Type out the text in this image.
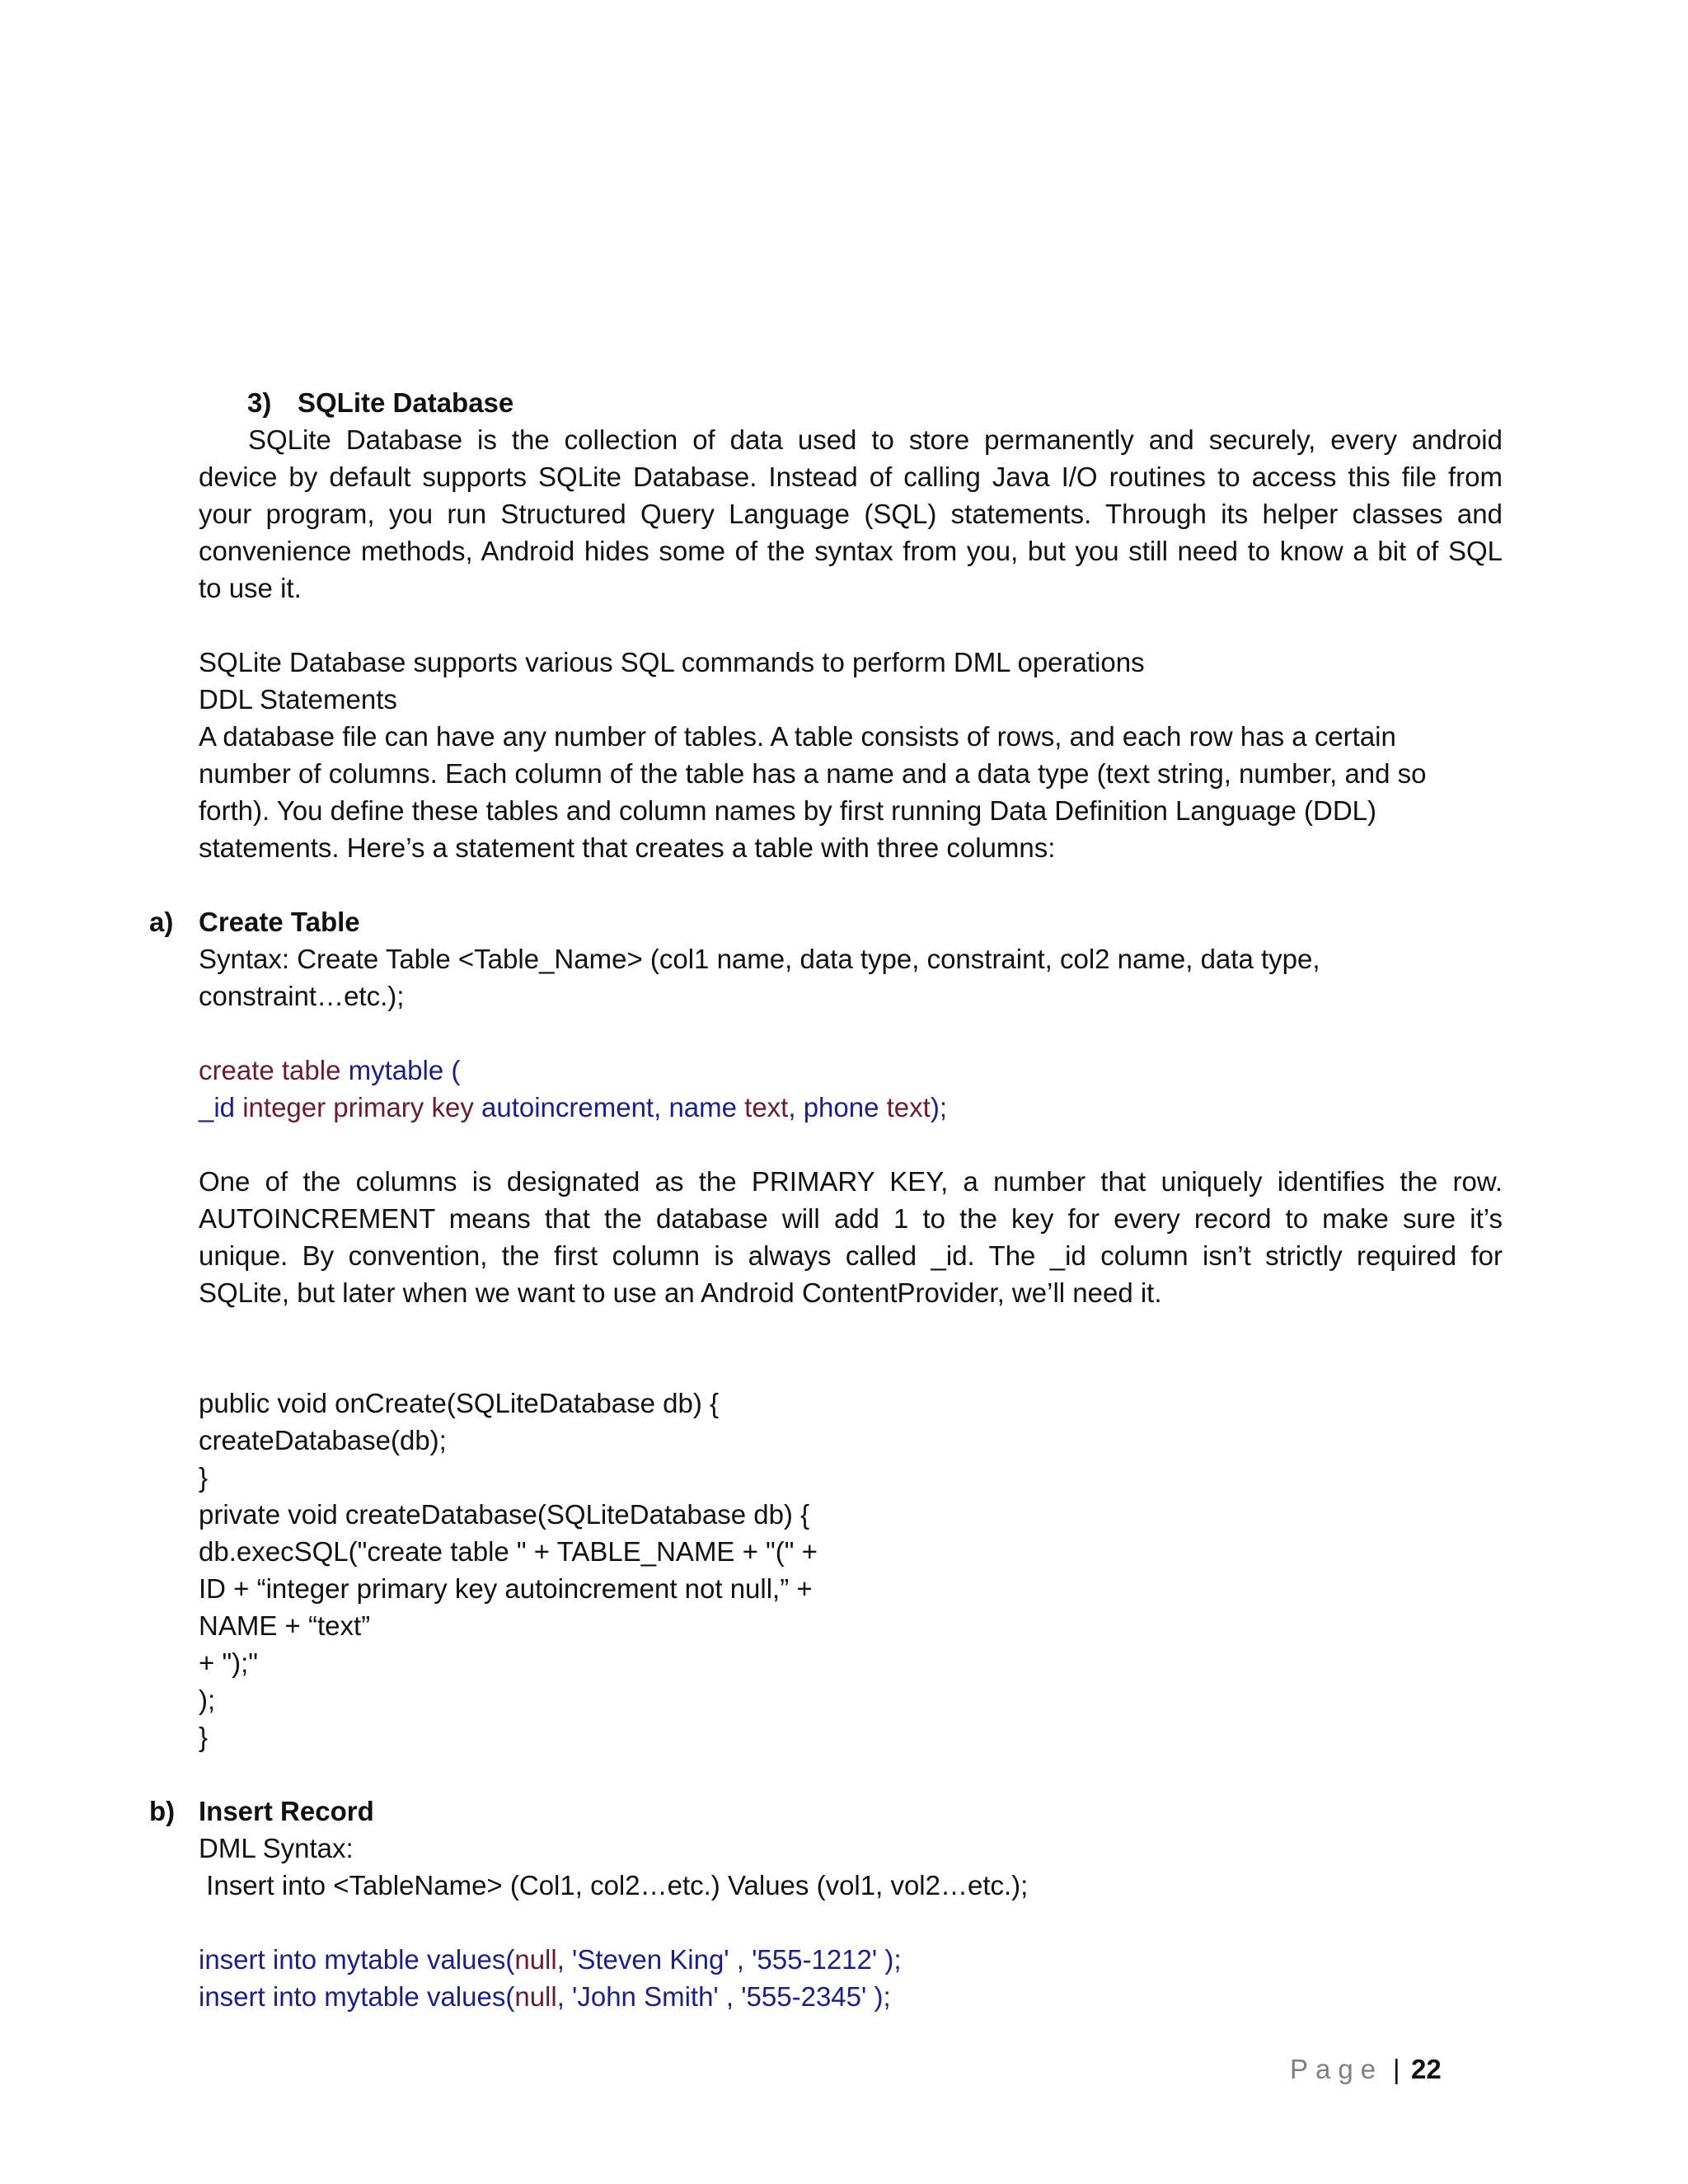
3) SQLite Database
SQLite Database is the collection of data used to store permanently and securely, every android
device by default supports SQLite Database. Instead of calling Java I/O routines to access this file from
your program, you run Structured Query Language (SQL) statements. Through its helper classes and
convenience methods, Android hides some of the syntax from you, but you still need to know a bit of SQL
to use it.
SQLite Database supports various SQL commands to perform DML operations
DDL Statements
A database file can have any number of tables. A table consists of rows, and each row has a certain
number of columns. Each column of the table has a name and a data type (text string, number, and so
forth). You define these tables and column names by first running Data Definition Language (DDL)
statements. Here’s a statement that creates a table with three columns:
a) Create Table
Syntax: Create Table <Table_Name> (col1 name, data type, constraint, col2 name, data type,
constraint…etc.);
create table mytable (
_id integer primary key autoincrement, name text, phone text);
One of the columns is designated as the PRIMARY KEY, a number that uniquely identifies the row.
AUTOINCREMENT means that the database will add 1 to the key for every record to make sure it’s
unique. By convention, the first column is always called _id. The _id column isn’t strictly required for
SQLite, but later when we want to use an Android ContentProvider, we’ll need it.
public void onCreate(SQLiteDatabase db) {
createDatabase(db);
}
private void createDatabase(SQLiteDatabase db) {
db.execSQL("create table " + TABLE_NAME + "(" +
ID + “integer primary key autoincrement not null,” +
NAME + “text”
+ ");"
);
}
b) Insert Record
DML Syntax:
Insert into <TableName> (Col1, col2…etc.) Values (vol1, vol2…etc.);
insert into mytable values(null, 'Steven King' , '555-1212' );
insert into mytable values(null, 'John Smith' , '555-2345' );
Page | 22
